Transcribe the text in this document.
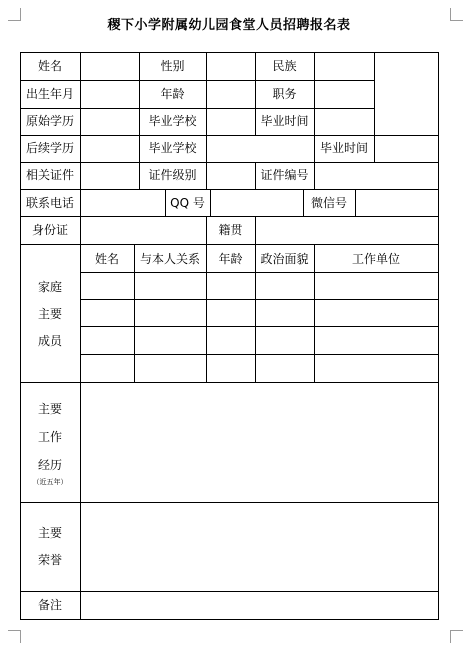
稷下小学附属幼儿园食堂人员招聘报名表
姓名	性别	民族
出生年月	年龄	职务
原始学历	毕业学校	毕业时间
后续学历	毕业学校	毕业时间
相关证件	证件级别	证件编号
联系电话	QQ 号	微信号
身份证	籍贯
家庭
主要
成员
姓名	与本人关系	年龄	政治面貌	工作单位
主要
工作
经历
（近五年）
主要
荣誉
备注
